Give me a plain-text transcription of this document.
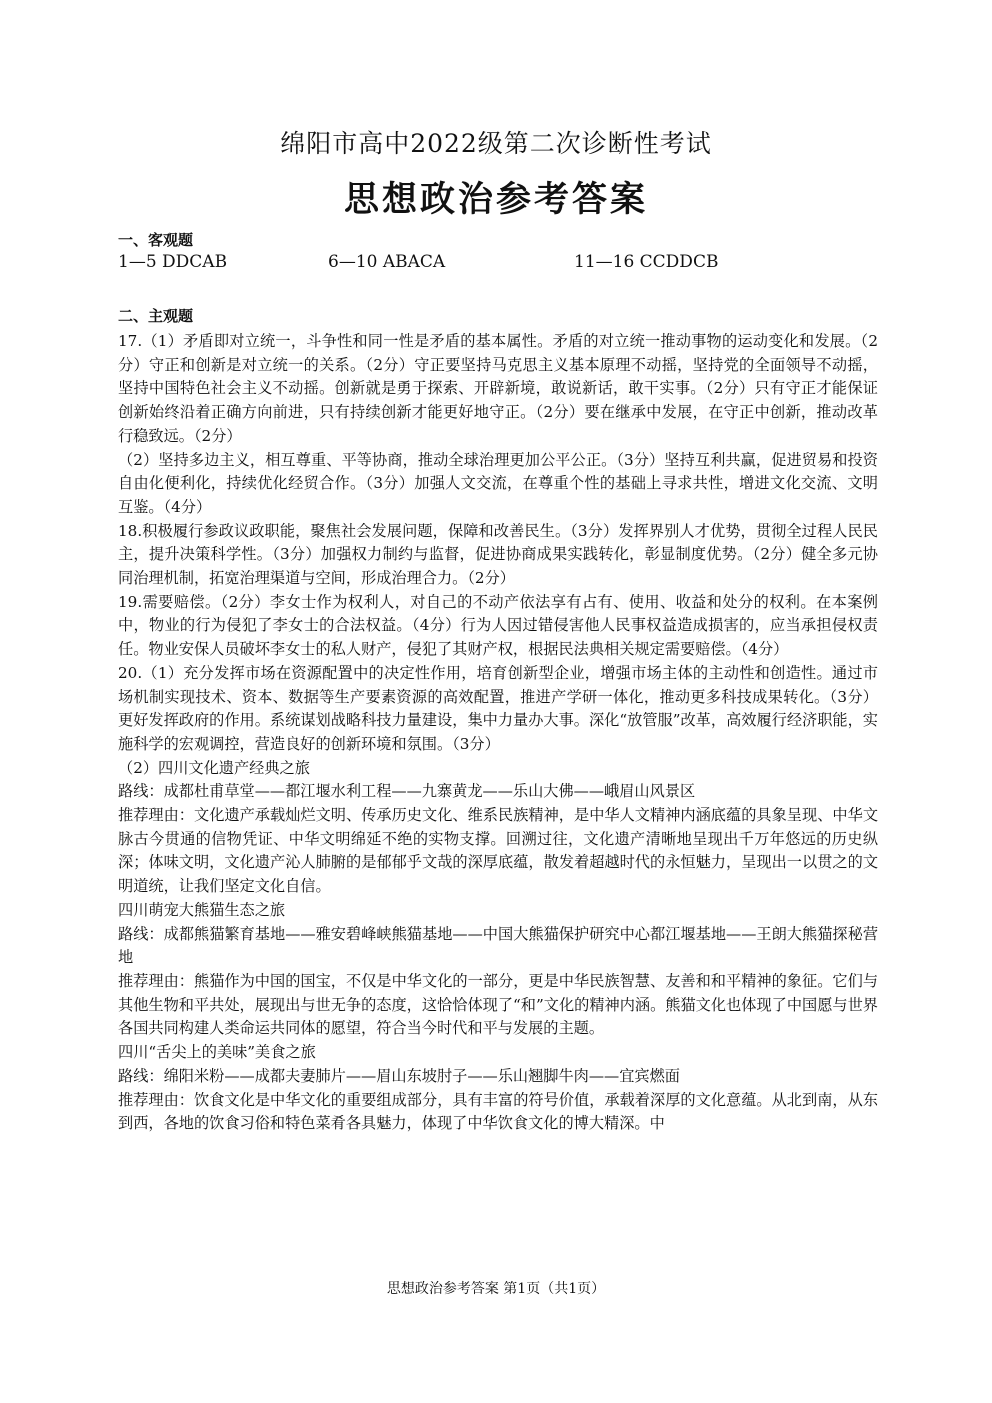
绵阳市高中2022级第二次诊断性考试
思想政治参考答案
一、客观题
1—5 DDCAB	6—10 ABACA	11—16 CCDDCB
二、主观题

17.（1）矛盾即对立统一，斗争性和同一性是矛盾的基本属性。矛盾的对立统一推动事物的运动变化和发展。（2分）守正和创新是对立统一的关系。（2分）守正要坚持马克思主义基本原理不动摇，坚持党的全面领导不动摇，坚持中国特色社会主义不动摇。创新就是勇于探索、开辟新境，敢说新话，敢干实事。（2分）只有守正才能保证创新始终沿着正确方向前进，只有持续创新才能更好地守正。（2分）要在继承中发展，在守正中创新，推动改革行稳致远。（2分）

（2）坚持多边主义，相互尊重、平等协商，推动全球治理更加公平公正。（3分）坚持互利共赢，促进贸易和投资自由化便利化，持续优化经贸合作。（3分）加强人文交流，在尊重个性的基础上寻求共性，增进文化交流、文明互鉴。（4分）

18.积极履行参政议政职能，聚焦社会发展问题，保障和改善民生。（3分）发挥界别人才优势，贯彻全过程人民民主，提升决策科学性。（3分）加强权力制约与监督，促进协商成果实践转化，彰显制度优势。（2分）健全多元协同治理机制，拓宽治理渠道与空间，形成治理合力。（2分）

19.需要赔偿。（2分）李女士作为权利人，对自己的不动产依法享有占有、使用、收益和处分的权利。在本案例中，物业的行为侵犯了李女士的合法权益。（4分）行为人因过错侵害他人民事权益造成损害的，应当承担侵权责任。物业安保人员破坏李女士的私人财产，侵犯了其财产权，根据民法典相关规定需要赔偿。（4分）

20.（1）充分发挥市场在资源配置中的决定性作用，培育创新型企业，增强市场主体的主动性和创造性。通过市场机制实现技术、资本、数据等生产要素资源的高效配置，推进产学研一体化，推动更多科技成果转化。（3分）更好发挥政府的作用。系统谋划战略科技力量建设，集中力量办大事。深化“放管服”改革，高效履行经济职能，实施科学的宏观调控，营造良好的创新环境和氛围。（3分）

（2）四川文化遗产经典之旅

路线：成都杜甫草堂——都江堰水利工程——九寨黄龙——乐山大佛——峨眉山风景区

推荐理由：文化遗产承载灿烂文明、传承历史文化、维系民族精神，是中华人文精神内涵底蕴的具象呈现、中华文脉古今贯通的信物凭证、中华文明绵延不绝的实物支撑。回溯过往，文化遗产清晰地呈现出千万年悠远的历史纵深；体味文明，文化遗产沁人肺腑的是郁郁乎文哉的深厚底蕴，散发着超越时代的永恒魅力，呈现出一以贯之的文明道统，让我们坚定文化自信。

四川萌宠大熊猫生态之旅

路线：成都熊猫繁育基地——雅安碧峰峡熊猫基地——中国大熊猫保护研究中心都江堰基地——王朗大熊猫探秘营地

推荐理由：熊猫作为中国的国宝，不仅是中华文化的一部分，更是中华民族智慧、友善和和平精神的象征。它们与其他生物和平共处，展现出与世无争的态度，这恰恰体现了“和”文化的精神内涵。熊猫文化也体现了中国愿与世界各国共同构建人类命运共同体的愿望，符合当今时代和平与发展的主题。

四川“舌尖上的美味”美食之旅

路线：绵阳米粉——成都夫妻肺片——眉山东坡肘子——乐山翘脚牛肉——宜宾燃面

推荐理由：饮食文化是中华文化的重要组成部分，具有丰富的符号价值，承载着深厚的文化意蕴。从北到南，从东到西，各地的饮食习俗和特色菜肴各具魅力，体现了中华饮食文化的博大精深。中

思想政治参考答案 第1页（共1页）
